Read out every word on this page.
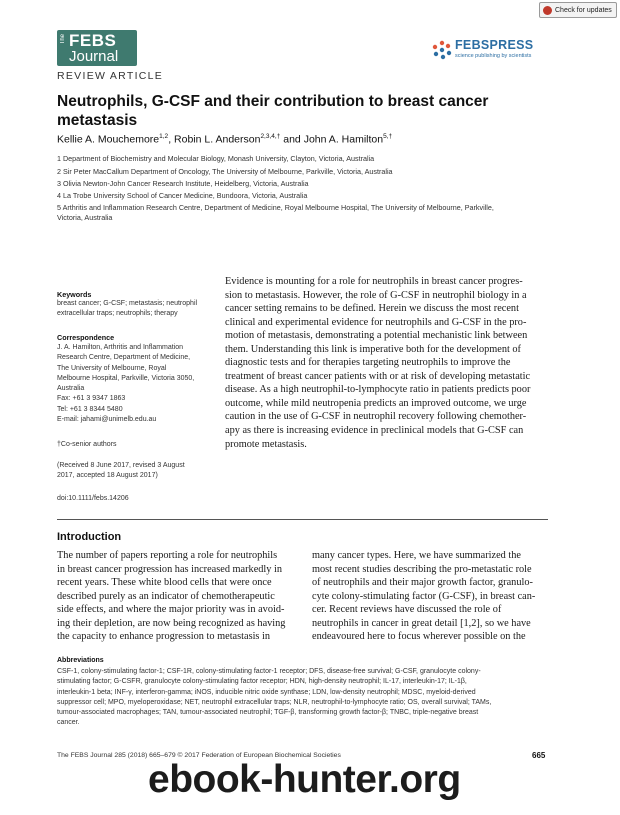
Check for updates
The FEBS
Journal
FEBSPRESS
science publishing by scientists
REVIEW ARTICLE
Neutrophils, G-CSF and their contribution to breast cancer
metastasis
Kellie A. Mouchemore$^{1,2}$, Robin L. Anderson$^{2,3,4,\dagger}$ and John A. Hamilton$^{5,\dagger}$
1 Department of Biochemistry and Molecular Biology, Monash University, Clayton, Victoria, Australia
2 Sir Peter MacCallum Department of Oncology, The University of Melbourne, Parkville, Victoria, Australia
3 Olivia Newton-John Cancer Research Institute, Heidelberg, Victoria, Australia
4 La Trobe University School of Cancer Medicine, Bundoora, Victoria, Australia
5 Arthritis and Inflammation Research Centre, Department of Medicine, Royal Melbourne Hospital, The University of Melbourne, Parkville,
Victoria, Australia
Keywords
breast cancer; G-CSF; metastasis; neutrophil
extracellular traps; neutrophils; therapy
Correspondence
J. A. Hamilton, Arthritis and Inflammation
Research Centre, Department of Medicine,
The University of Melbourne, Royal
Melbourne Hospital, Parkville, Victoria 3050,
Australia
Fax: +61 3 9347 1863
Tel: +61 3 8344 5480
E-mail: jahami@unimelb.edu.au
†Co-senior authors
(Received 8 June 2017, revised 3 August
2017, accepted 18 August 2017)
doi:10.1111/febs.14206
Evidence is mounting for a role for neutrophils in breast cancer progres-
sion to metastasis. However, the role of G-CSF in neutrophil biology in a
cancer setting remains to be defined. Herein we discuss the most recent
clinical and experimental evidence for neutrophils and G-CSF in the pro-
motion of metastasis, demonstrating a potential mechanistic link between
them. Understanding this link is imperative both for the development of
diagnostic tests and for therapies targeting neutrophils to improve the
treatment of breast cancer patients with or at risk of developing metastatic
disease. As a high neutrophil-to-lymphocyte ratio in patients predicts poor
outcome, while mild neutropenia predicts an improved outcome, we urge
caution in the use of G-CSF in neutrophil recovery following chemother-
apy as there is increasing evidence in preclinical models that G-CSF can
promote metastasis.
Introduction
The number of papers reporting a role for neutrophils
in breast cancer progression has increased markedly in
recent years. These white blood cells that were once
described purely as an indicator of chemotherapeutic
side effects, and where the major priority was in avoid-
ing their depletion, are now being recognized as having
the capacity to enhance progression to metastasis in
many cancer types. Here, we have summarized the
most recent studies describing the pro-metastatic role
of neutrophils and their major growth factor, granulo-
cyte colony-stimulating factor (G-CSF), in breast can-
cer. Recent reviews have discussed the role of
neutrophils in cancer in great detail [1,2], so we have
endeavoured here to focus wherever possible on the
Abbreviations
CSF-1, colony-stimulating factor-1; CSF-1R, colony-stimulating factor-1 receptor; DFS, disease-free survival; G-CSF, granulocyte colony-
stimulating factor; G-CSFR, granulocyte colony-stimulating factor receptor; HDN, high-density neutrophil; IL-17, interleukin-17; IL-1β,
interleukin-1 beta; INF-γ, interferon-gamma; iNOS, inducible nitric oxide synthase; LDN, low-density neutrophil; MDSC, myeloid-derived
suppressor cell; MPO, myeloperoxidase; NET, neutrophil extracellular traps; NLR, neutrophil-to-lymphocyte ratio; OS, overall survival; TAMs,
tumour-associated macrophages; TAN, tumour-associated neutrophil; TGF-β, transforming growth factor-β; TNBC, triple-negative breast
cancer.
The FEBS Journal 285 (2018) 665–679 © 2017 Federation of European Biochemical Societies	665
ebook-hunter.org
